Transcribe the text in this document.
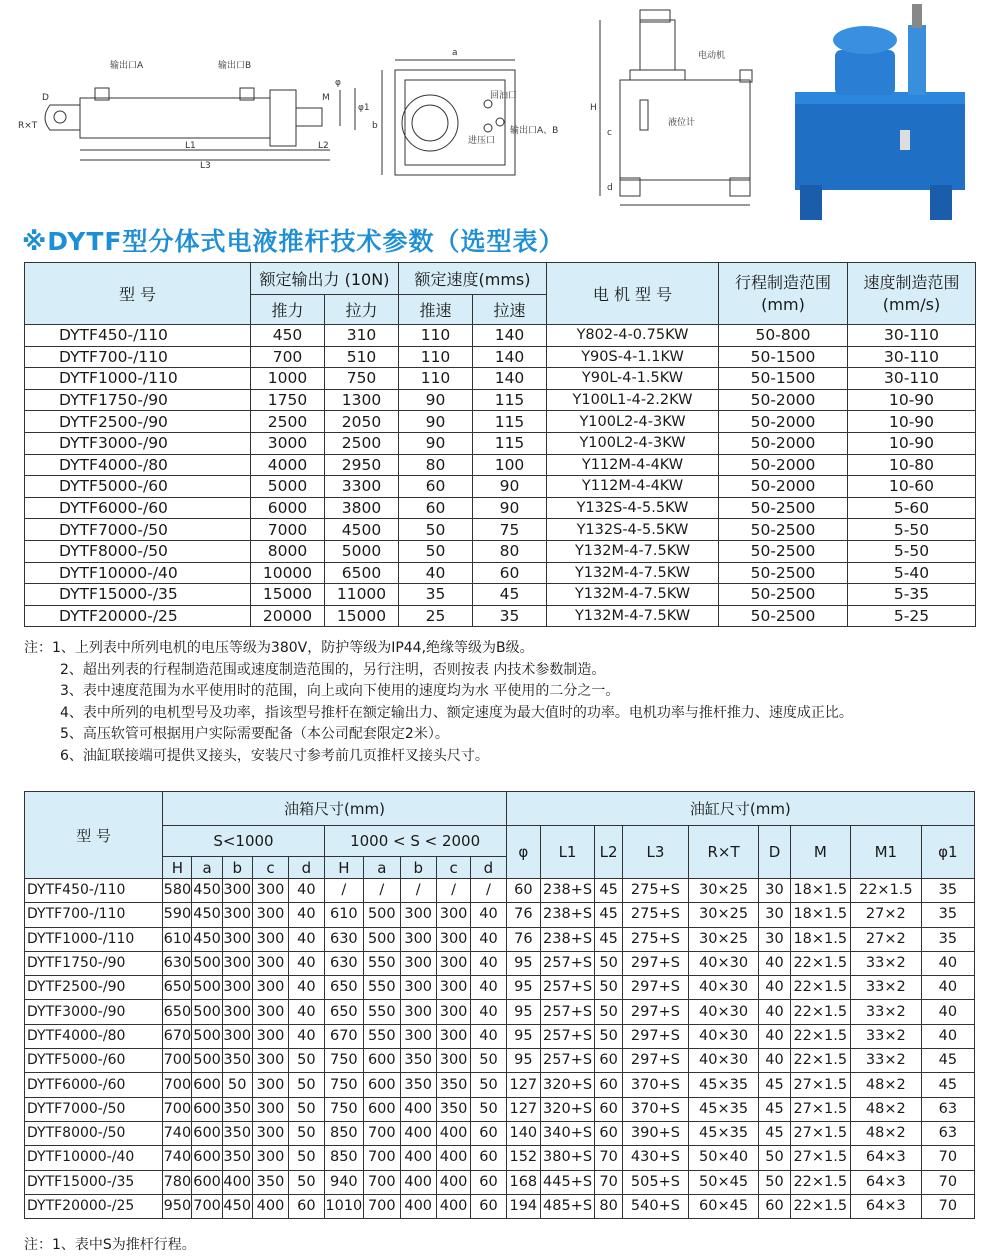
D
R×T
输出口A	输出口B
L1	L2
L3
φ
φ1
M
a
b
回油口
进压口
输出口A、B
H
c
d
电动机
液位计
※DYTF型分体式电液推杆技术参数（选型表）
型 号	额定输出力 (10N)		额定速度(mms)		电 机 型 号	行程制造范围(mm)	速度制造范围(mm/s)
	推力	拉力	推速	拉速			
DYTF450-/110	450	310	110	140	Y802-4-0.75KW	50-800	30-110
DYTF700-/110	700	510	110	140	Y90S-4-1.1KW	50-1500	30-110
DYTF1000-/110	1000	750	110	140	Y90L-4-1.5KW	50-1500	30-110
DYTF1750-/90	1750	1300	90	115	Y100L1-4-2.2KW	50-2000	10-90
DYTF2500-/90	2500	2050	90	115	Y100L2-4-3KW	50-2000	10-90
DYTF3000-/90	3000	2500	90	115	Y100L2-4-3KW	50-2000	10-90
DYTF4000-/80	4000	2950	80	100	Y112M-4-4KW	50-2000	10-80
DYTF5000-/60	5000	3300	60	90	Y112M-4-4KW	50-2000	10-60
DYTF6000-/60	6000	3800	60	90	Y132S-4-5.5KW	50-2500	5-60
DYTF7000-/50	7000	4500	50	75	Y132S-4-5.5KW	50-2500	5-50
DYTF8000-/50	8000	5000	50	80	Y132M-4-7.5KW	50-2500	5-50
DYTF10000-/40	10000	6500	40	60	Y132M-4-7.5KW	50-2500	5-40
DYTF15000-/35	15000	11000	35	45	Y132M-4-7.5KW	50-2500	5-35
DYTF20000-/25	20000	15000	25	35	Y132M-4-7.5KW	50-2500	5-25
注：1、上列表中所列电机的电压等级为380V，防护等级为IP44,绝缘等级为B级。
2、超出列表的行程制造范围或速度制造范围的，另行注明，否则按表 内技术参数制造。
3、表中速度范围为水平使用时的范围，向上或向下使用的速度均为水 平使用的二分之一。
4、表中所列的电机型号及功率，指该型号推杆在额定输出力、额定速度为最大值时的功率。电机功率与推杆推力、速度成正比。
5、高压软管可根据用户实际需要配备（本公司配套限定2米）。
6、油缸联接端可提供叉接头，安装尺寸参考前几页推杆叉接头尺寸。
型 号	油箱尺寸(mm)										油缸尺寸(mm)								
	S<1000					1000 < S < 2000					φ	L1	L2	L3	R×T	D	M	M1	φ1
	H	a	b	c	d	H	a	b	c	d									
DYTF450-/110	580	450	300	300	40	/	/	/	/	/	60	238+S	45	275+S	30×25	30	18×1.5	22×1.5	35
DYTF700-/110	590	450	300	300	40	610	500	300	300	40	76	238+S	45	275+S	30×25	30	18×1.5	27×2	35
DYTF1000-/110	610	450	300	300	40	630	500	300	300	40	76	238+S	45	275+S	30×25	30	18×1.5	27×2	35
DYTF1750-/90	630	500	300	300	40	630	550	300	300	40	95	257+S	50	297+S	40×30	40	22×1.5	33×2	40
DYTF2500-/90	650	500	300	300	40	650	550	300	300	40	95	257+S	50	297+S	40×30	40	22×1.5	33×2	40
DYTF3000-/90	650	500	300	300	40	650	550	300	300	40	95	257+S	50	297+S	40×30	40	22×1.5	33×2	40
DYTF4000-/80	670	500	300	300	40	670	550	300	300	40	95	257+S	50	297+S	40×30	40	22×1.5	33×2	40
DYTF5000-/60	700	500	350	300	50	750	600	350	300	50	95	257+S	60	297+S	40×30	40	22×1.5	33×2	45
DYTF6000-/60	700	600	50	300	50	750	600	350	350	50	127	320+S	60	370+S	45×35	45	27×1.5	48×2	45
DYTF7000-/50	700	600	350	300	50	750	600	400	350	50	127	320+S	60	370+S	45×35	45	27×1.5	48×2	63
DYTF8000-/50	740	600	350	300	50	850	700	400	400	60	140	340+S	60	390+S	45×35	45	27×1.5	48×2	63
DYTF10000-/40	740	600	350	300	50	850	700	400	400	60	152	380+S	70	430+S	50×40	50	27×1.5	64×3	70
DYTF15000-/35	780	600	400	350	50	940	700	400	400	60	168	445+S	70	505+S	50×45	50	22×1.5	64×3	70
DYTF20000-/25	950	700	450	400	60	1010	700	400	400	60	194	485+S	80	540+S	60×45	60	22×1.5	64×3	70
注：1、表中S为推杆行程。
